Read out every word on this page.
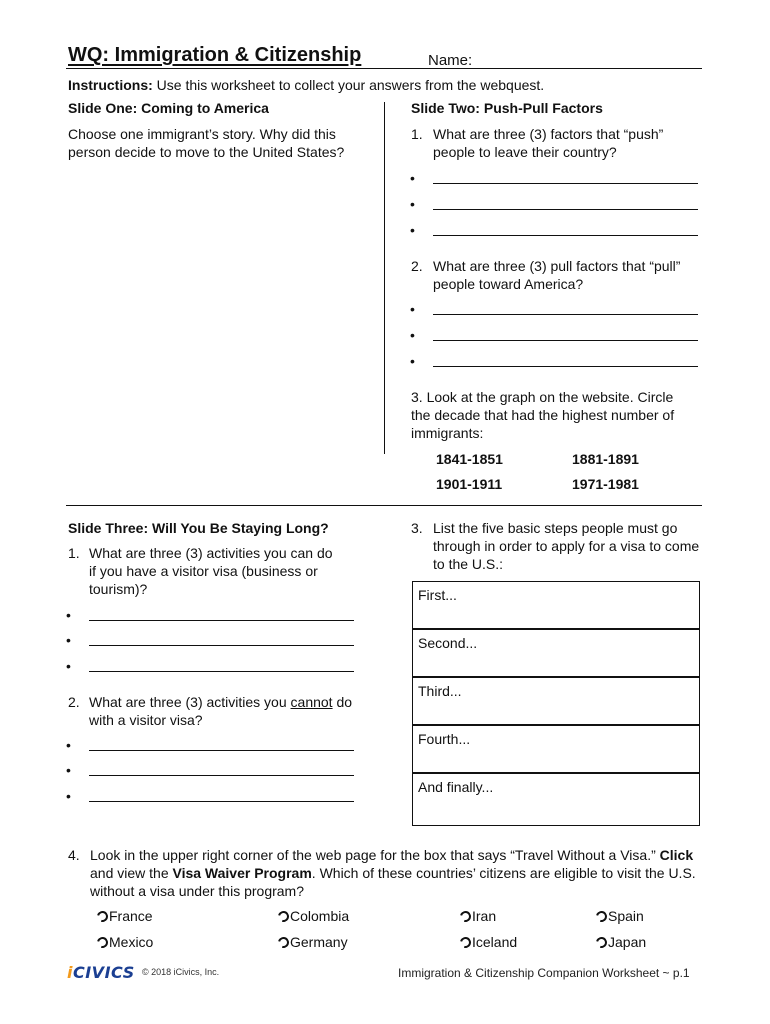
WQ: Immigration & Citizenship	Name:
Instructions: Use this worksheet to collect your answers from the webquest.
Slide One: Coming to America
Choose one immigrant’s story. Why did this
person decide to move to the United States?
Slide Two: Push-Pull Factors
1. What are three (3) factors that “push”
people to leave their country?
•
•
•
2. What are three (3) pull factors that “pull”
people toward America?
•
•
•
3. Look at the graph on the website. Circle
the decade that had the highest number of
immigrants:
1841-1851	1881-1891
1901-1911	1971-1981
Slide Three: Will You Be Staying Long?
1. What are three (3) activities you can do
if you have a visitor visa (business or
tourism)?
•
•
•
2. What are three (3) activities you cannot do
with a visitor visa?
•
•
•
3. List the five basic steps people must go
through in order to apply for a visa to come
to the U.S.:
First...
Second...
Third...
Fourth...
And finally...
4. Look in the upper right corner of the web page for the box that says “Travel Without a Visa.” Click
and view the Visa Waiver Program. Which of these countries’ citizens are eligible to visit the U.S.
without a visa under this program?
France	Colombia	Iran	Spain
Mexico	Germany	Iceland	Japan
iCIVICS © 2018 iCivics, Inc.	Immigration & Citizenship Companion Worksheet ~ p.1
